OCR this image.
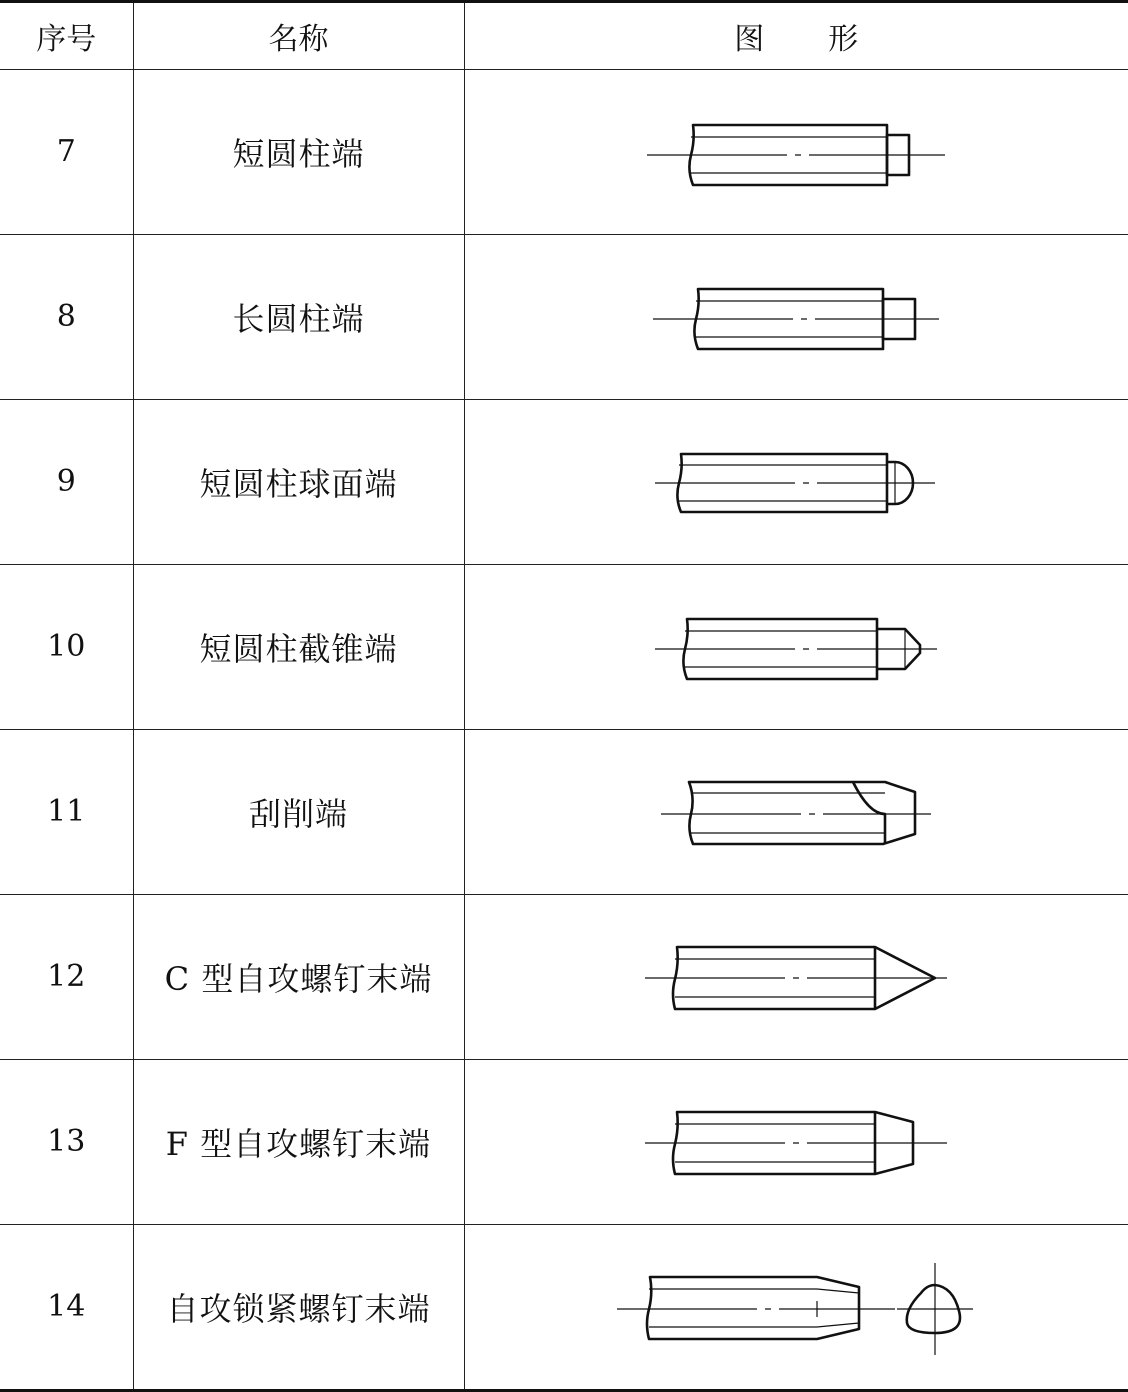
序号	名称	图 形
7	短圆柱端	

8	长圆柱端	

9	短圆柱球面端	

10	短圆柱截锥端	

11	刮削端	

12	C 型自攻螺钉末端	

13	F 型自攻螺钉末端	

14	自攻锁紧螺钉末端	
